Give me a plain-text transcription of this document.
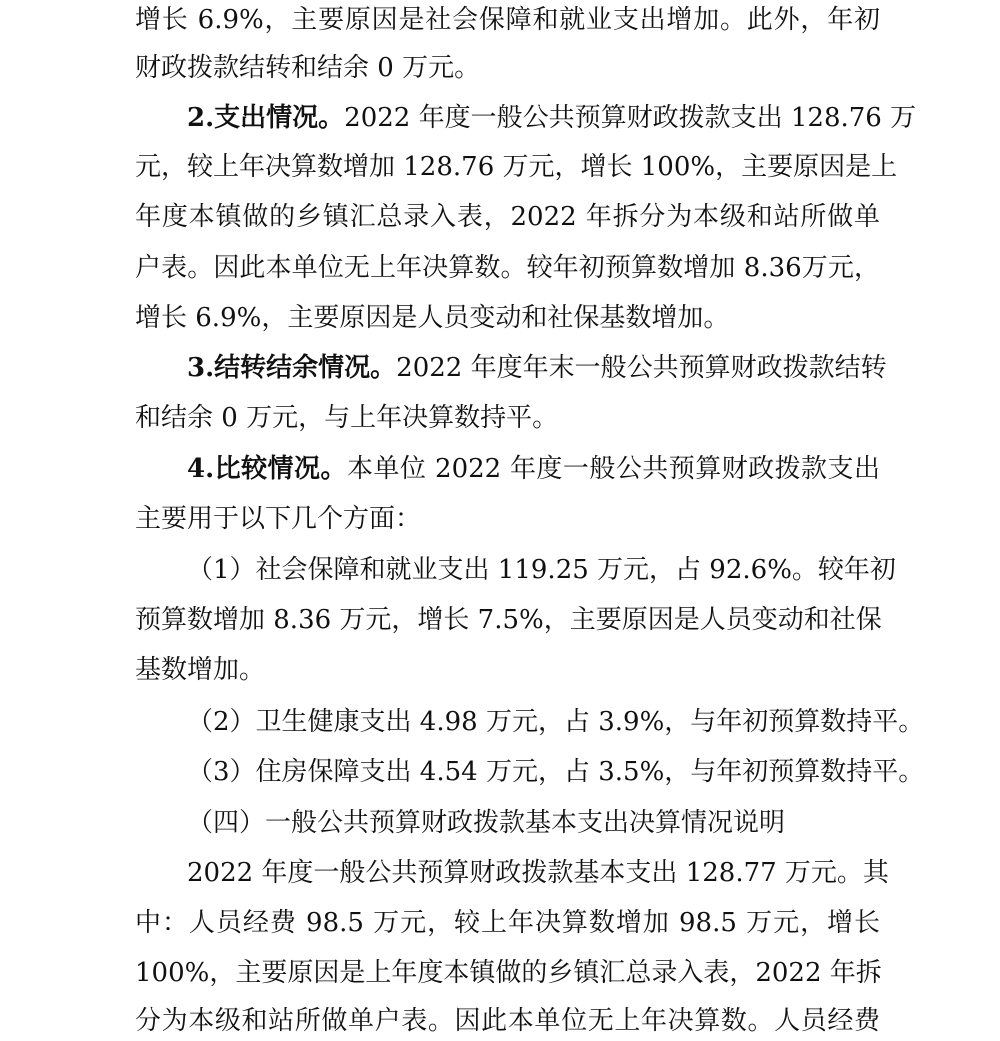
增长 6.9%，主要原因是社会保障和就业支出增加。此外，年初
财政拨款结转和结余 0 万元。
2.支出情况。2022 年度一般公共预算财政拨款支出 128.76 万
元，较上年决算数增加 128.76 万元，增长 100%，主要原因是上
年度本镇做的乡镇汇总录入表，2022 年拆分为本级和站所做单
户表。因此本单位无上年决算数。较年初预算数增加 8.36万元，
增长 6.9%，主要原因是人员变动和社保基数增加。
3.结转结余情况。2022 年度年末一般公共预算财政拨款结转
和结余 0 万元，与上年决算数持平。
4.比较情况。本单位 2022 年度一般公共预算财政拨款支出
主要用于以下几个方面：
（1）社会保障和就业支出 119.25 万元，占 92.6%。较年初
预算数增加 8.36 万元，增长 7.5%，主要原因是人员变动和社保
基数增加。
（2）卫生健康支出 4.98 万元，占 3.9%，与年初预算数持平。
（3）住房保障支出 4.54 万元，占 3.5%，与年初预算数持平。
（四）一般公共预算财政拨款基本支出决算情况说明
2022 年度一般公共预算财政拨款基本支出 128.77 万元。其
中：人员经费 98.5 万元，较上年决算数增加 98.5 万元，增长
100%，主要原因是上年度本镇做的乡镇汇总录入表，2022 年拆
分为本级和站所做单户表。因此本单位无上年决算数。人员经费
